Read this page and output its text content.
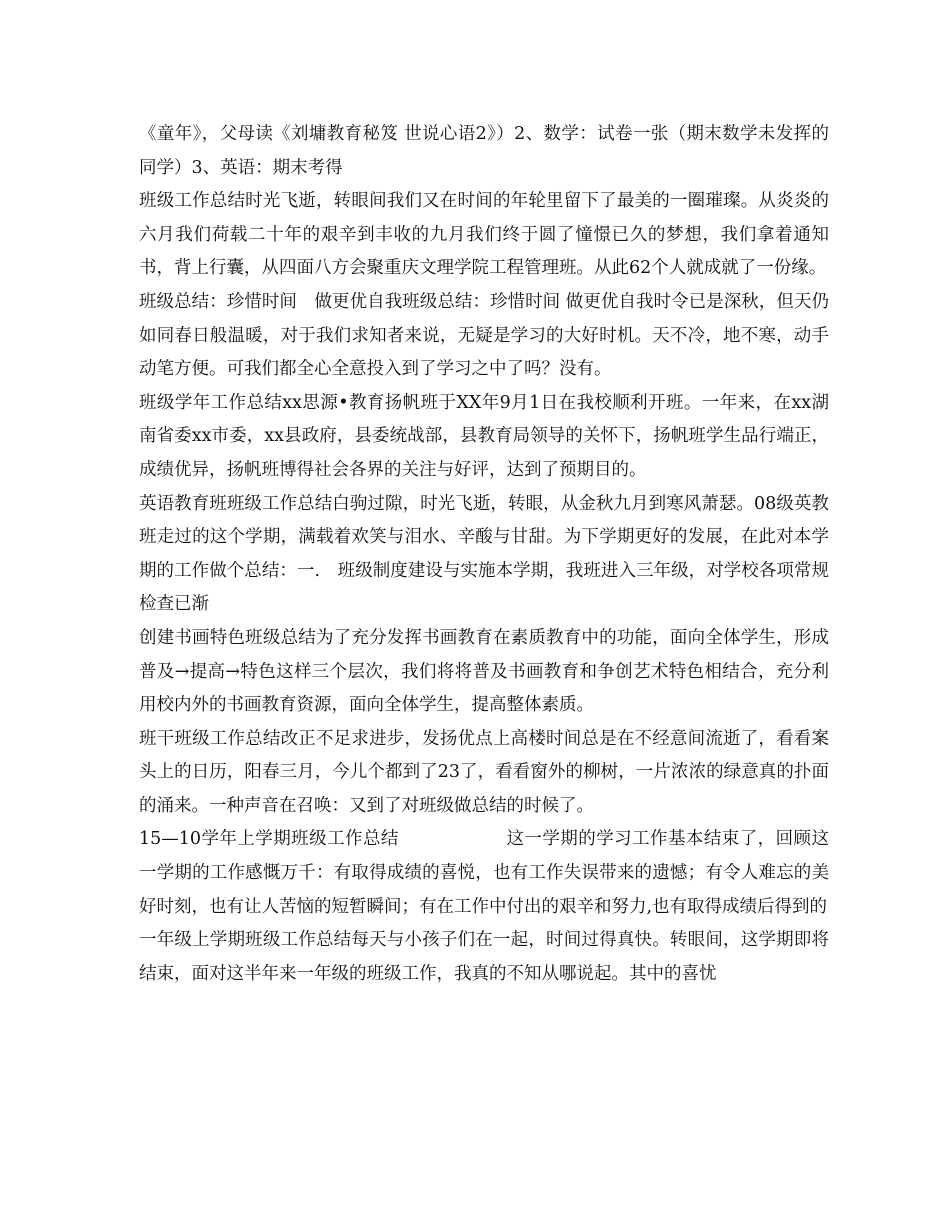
《童年》，父母读《刘墉教育秘笈 世说心语2》）2、数学：试卷一张（期末数学未发挥的同学）3、英语：期末考得

班级工作总结时光飞逝，转眼间我们又在时间的年轮里留下了最美的一圈璀璨。从炎炎的六月我们荷载二十年的艰辛到丰收的九月我们终于圆了憧憬已久的梦想，我们拿着通知书，背上行囊，从四面八方会聚重庆文理学院工程管理班。从此62个人就成就了一份缘。

班级总结：珍惜时间　做更优自我班级总结：珍惜时间 做更优自我时令已是深秋，但天仍如同春日般温暖，对于我们求知者来说，无疑是学习的大好时机。天不冷，地不寒，动手动笔方便。可我们都全心全意投入到了学习之中了吗？没有。

班级学年工作总结xx思源•教育扬帆班于XX年9月1日在我校顺利开班。一年来，在xx湖南省委xx市委，xx县政府，县委统战部，县教育局领导的关怀下，扬帆班学生品行端正，成绩优异，扬帆班博得社会各界的关注与好评，达到了预期目的。

英语教育班班级工作总结白驹过隙，时光飞逝，转眼，从金秋九月到寒风萧瑟。08级英教班走过的这个学期，满载着欢笑与泪水、辛酸与甘甜。为下学期更好的发展，在此对本学期的工作做个总结：一.　班级制度建设与实施本学期，我班进入三年级，对学校各项常规检查已渐

创建书画特色班级总结为了充分发挥书画教育在素质教育中的功能，面向全体学生，形成普及→提高→特色这样三个层次，我们将将普及书画教育和争创艺术特色相结合，充分利用校内外的书画教育资源，面向全体学生，提高整体素质。

班干班级工作总结改正不足求进步，发扬优点上高楼时间总是在不经意间流逝了，看看案头上的日历，阳春三月，今儿个都到了23了，看看窗外的柳树，一片浓浓的绿意真的扑面的涌来。一种声音在召唤：又到了对班级做总结的时候了。

15—10学年上学期班级工作总结　　　　　　这一学期的学习工作基本结束了，回顾这一学期的工作感慨万千：有取得成绩的喜悦，也有工作失误带来的遗憾；有令人难忘的美好时刻，也有让人苦恼的短暂瞬间；有在工作中付出的艰辛和努力,也有取得成绩后得到的

一年级上学期班级工作总结每天与小孩子们在一起，时间过得真快。转眼间，这学期即将结束，面对这半年来一年级的班级工作，我真的不知从哪说起。其中的喜忧
